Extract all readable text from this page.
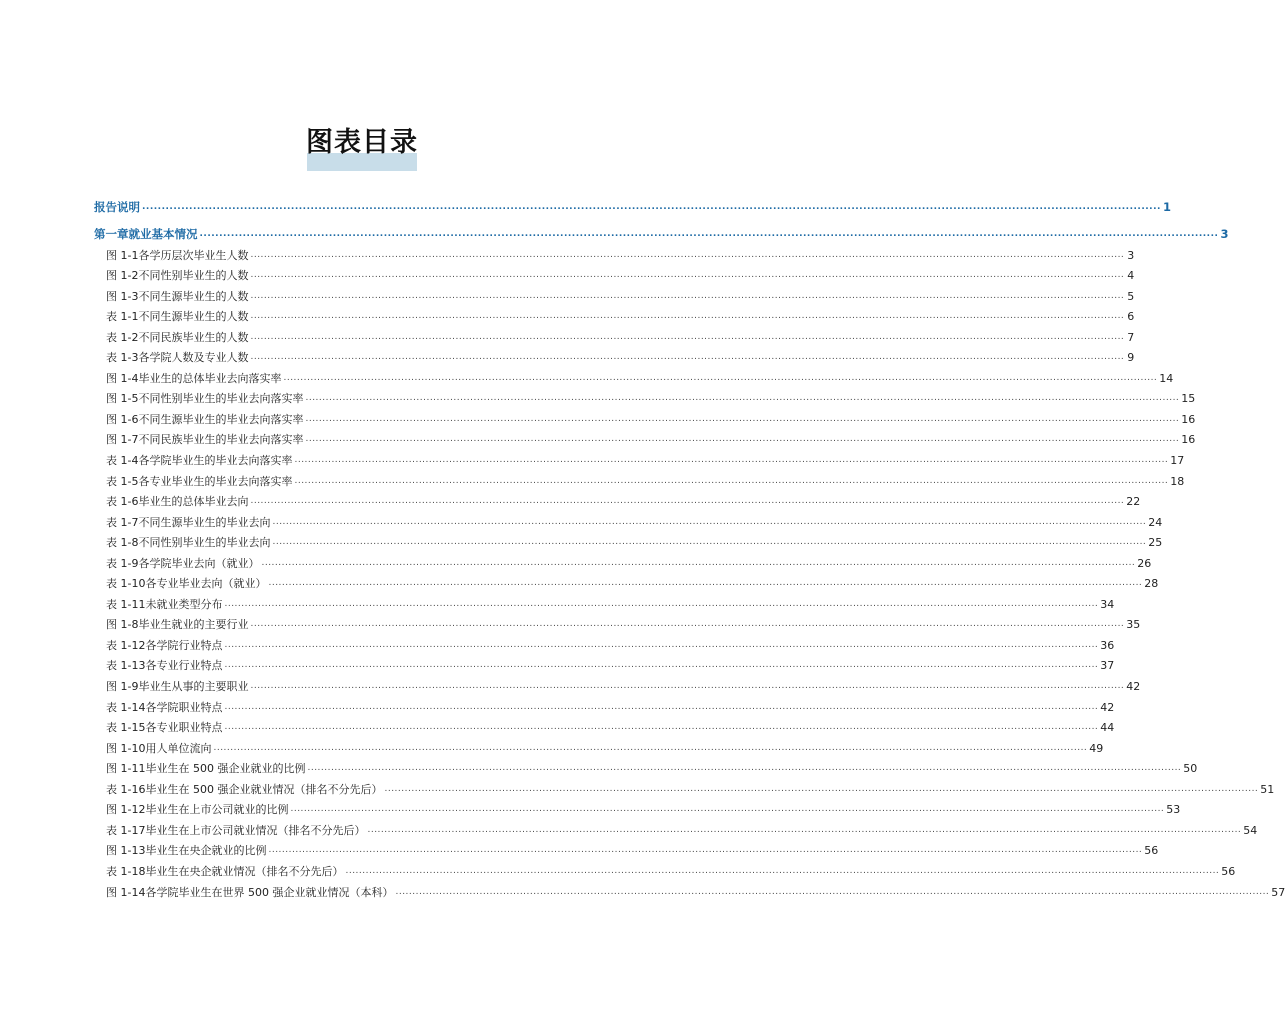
图表目录
报告说明 .................................................................................................................................................................................................................................................................... 1
第一章 就业基本情况 .................................................................................................................................................................................................................................................................... 3
图 1-1 各学历层次毕业生人数 .................................................................................................................................................................................................................................................................... 3
图 1-2 不同性别毕业生的人数 .................................................................................................................................................................................................................................................................... 4
图 1-3 不同生源毕业生的人数 .................................................................................................................................................................................................................................................................... 5
表 1-1 不同生源毕业生的人数 .................................................................................................................................................................................................................................................................... 6
表 1-2 不同民族毕业生的人数 .................................................................................................................................................................................................................................................................... 7
表 1-3 各学院人数及专业人数 .................................................................................................................................................................................................................................................................... 9
图 1-4 毕业生的总体毕业去向落实率 .................................................................................................................................................................................................................................................................... 14
图 1-5 不同性别毕业生的毕业去向落实率 .................................................................................................................................................................................................................................................................... 15
图 1-6 不同生源毕业生的毕业去向落实率 .................................................................................................................................................................................................................................................................... 16
图 1-7 不同民族毕业生的毕业去向落实率 .................................................................................................................................................................................................................................................................... 16
表 1-4 各学院毕业生的毕业去向落实率 .................................................................................................................................................................................................................................................................... 17
表 1-5 各专业毕业生的毕业去向落实率 .................................................................................................................................................................................................................................................................... 18
表 1-6 毕业生的总体毕业去向 .................................................................................................................................................................................................................................................................... 22
表 1-7 不同生源毕业生的毕业去向 .................................................................................................................................................................................................................................................................... 24
表 1-8 不同性别毕业生的毕业去向 .................................................................................................................................................................................................................................................................... 25
表 1-9 各学院毕业去向（就业） .................................................................................................................................................................................................................................................................... 26
表 1-10 各专业毕业去向（就业） .................................................................................................................................................................................................................................................................... 28
表 1-11 未就业类型分布 .................................................................................................................................................................................................................................................................... 34
图 1-8 毕业生就业的主要行业 .................................................................................................................................................................................................................................................................... 35
表 1-12 各学院行业特点 .................................................................................................................................................................................................................................................................... 36
表 1-13 各专业行业特点 .................................................................................................................................................................................................................................................................... 37
图 1-9 毕业生从事的主要职业 .................................................................................................................................................................................................................................................................... 42
表 1-14 各学院职业特点 .................................................................................................................................................................................................................................................................... 42
表 1-15 各专业职业特点 .................................................................................................................................................................................................................................................................... 44
图 1-10 用人单位流向 .................................................................................................................................................................................................................................................................... 49
图 1-11 毕业生在 500 强企业就业的比例 .................................................................................................................................................................................................................................................................... 50
表 1-16 毕业生在 500 强企业就业情况（排名不分先后） .................................................................................................................................................................................................................................................................... 51
图 1-12 毕业生在上市公司就业的比例 .................................................................................................................................................................................................................................................................... 53
表 1-17 毕业生在上市公司就业情况（排名不分先后） .................................................................................................................................................................................................................................................................... 54
图 1-13 毕业生在央企就业的比例 .................................................................................................................................................................................................................................................................... 56
表 1-18 毕业生在央企就业情况（排名不分先后） .................................................................................................................................................................................................................................................................... 56
图 1-14 各学院毕业生在世界 500 强企业就业情况（本科） .................................................................................................................................................................................................................................................................... 57
